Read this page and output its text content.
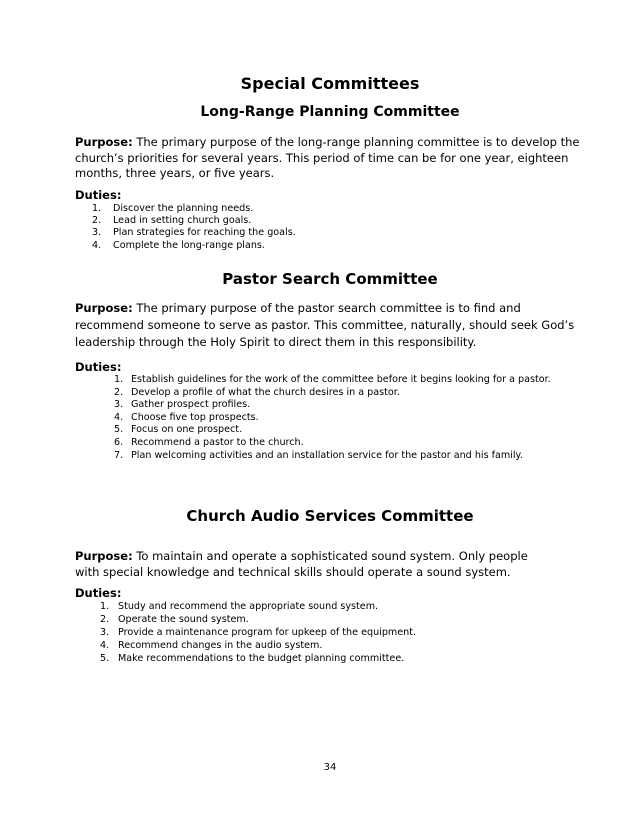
Special Committees
Long-Range Planning Committee
Purpose: The primary purpose of the long-range planning committee is to develop the church’s priorities for several years. This period of time can be for one year, eighteen months, three years, or five years.
Duties:
1. Discover the planning needs.
2. Lead in setting church goals.
3. Plan strategies for reaching the goals.
4. Complete the long-range plans.
Pastor Search Committee
Purpose: The primary purpose of the pastor search committee is to find and recommend someone to serve as pastor. This committee, naturally, should seek God’s leadership through the Holy Spirit to direct them in this responsibility.
Duties:
1. Establish guidelines for the work of the committee before it begins looking for a pastor.
2. Develop a profile of what the church desires in a pastor.
3. Gather prospect profiles.
4. Choose five top prospects.
5. Focus on one prospect.
6. Recommend a pastor to the church.
7. Plan welcoming activities and an installation service for the pastor and his family.
Church Audio Services Committee
Purpose: To maintain and operate a sophisticated sound system. Only people with special knowledge and technical skills should operate a sound system.
Duties:
1. Study and recommend the appropriate sound system.
2. Operate the sound system.
3. Provide a maintenance program for upkeep of the equipment.
4. Recommend changes in the audio system.
5. Make recommendations to the budget planning committee.
34
